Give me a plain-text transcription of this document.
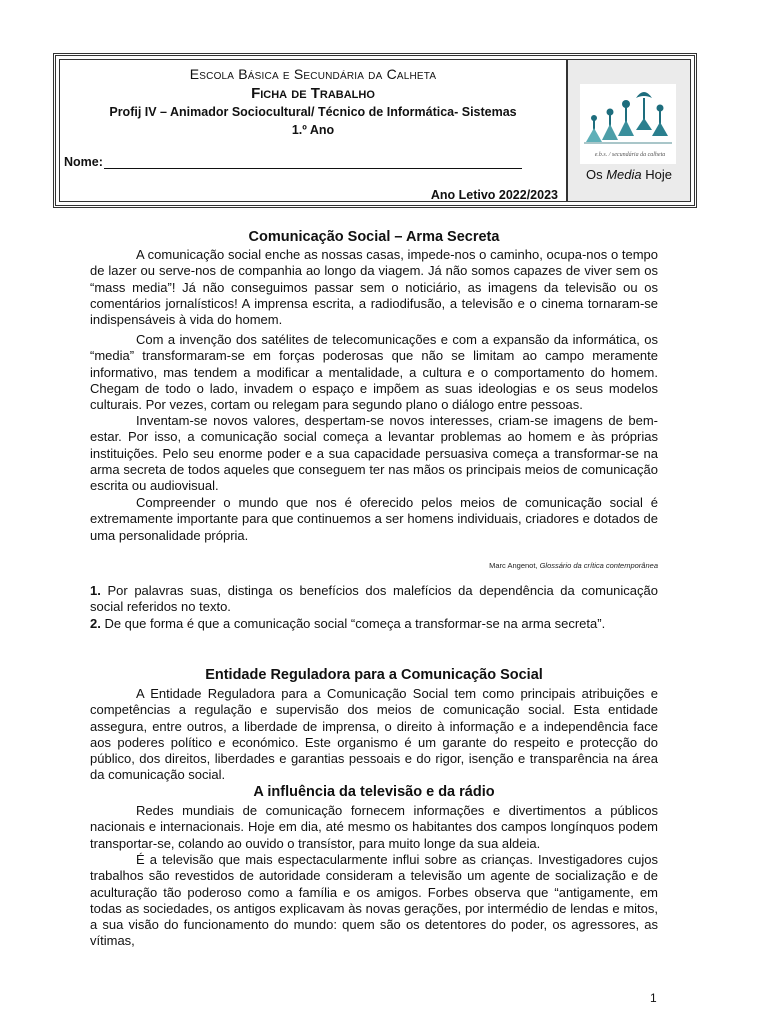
Escola Básica e Secundária da Calheta
Ficha de Trabalho
Profij IV – Animador Sociocultural/ Técnico de Informática- Sistemas
1.º Ano
Nome:
Ano Letivo 2022/2023
e.b.s. / secundária da calheta
Os Media Hoje
Comunicação Social – Arma Secreta

A comunicação social enche as nossas casas, impede-nos o caminho, ocupa-nos o tempo de lazer ou serve-nos de companhia ao longo da viagem. Já não somos capazes de viver sem os “mass media”! Já não conseguimos passar sem o noticiário, as imagens da televisão ou os comentários jornalísticos! A imprensa escrita, a radiodifusão, a televisão e o cinema tornaram-se indispensáveis à vida do homem.

Com a invenção dos satélites de telecomunicações e com a expansão da informática, os “media” transformaram-se em forças poderosas que não se limitam ao campo meramente informativo, mas tendem a modificar a mentalidade, a cultura e o comportamento do homem. Chegam de todo o lado, invadem o espaço e impõem as suas ideologias e os seus modelos culturais. Por vezes, cortam ou relegam para segundo plano o diálogo entre pessoas.

Inventam-se novos valores, despertam-se novos interesses, criam-se imagens de bem-estar. Por isso, a comunicação social começa a levantar problemas ao homem e às próprias instituições. Pelo seu enorme poder e a sua capacidade persuasiva começa a transformar-se na arma secreta de todos aqueles que conseguem ter nas mãos os principais meios de comunicação escrita ou audiovisual.

Compreender o mundo que nos é oferecido pelos meios de comunicação social é extremamente importante para que continuemos a ser homens individuais, criadores e dotados de uma personalidade própria.

Marc Angenot, Glossário da crítica contemporânea

1. Por palavras suas, distinga os benefícios dos malefícios da dependência da comunicação social referidos no texto.

2. De que forma é que a comunicação social “começa a transformar-se na arma secreta”.

Entidade Reguladora para a Comunicação Social

A Entidade Reguladora para a Comunicação Social tem como principais atribuições e competências a regulação e supervisão dos meios de comunicação social. Esta entidade assegura, entre outros, a liberdade de imprensa, o direito à informação e a independência face aos poderes político e económico. Este organismo é um garante do respeito e protecção do público, dos direitos, liberdades e garantias pessoais e do rigor, isenção e transparência na área da comunicação social.

A influência da televisão e da rádio

Redes mundiais de comunicação fornecem informações e divertimentos a públicos nacionais e internacionais. Hoje em dia, até mesmo os habitantes dos campos longínquos podem transportar-se, colando ao ouvido o transístor, para muito longe da sua aldeia.

É a televisão que mais espectacularmente influi sobre as crianças. Investigadores cujos trabalhos são revestidos de autoridade consideram a televisão um agente de socialização e de aculturação tão poderoso como a família e os amigos. Forbes observa que “antigamente, em todas as sociedades, os antigos explicavam às novas gerações, por intermédio de lendas e mitos, a sua visão do funcionamento do mundo: quem são os detentores do poder, os agressores, as vítimas,

1
